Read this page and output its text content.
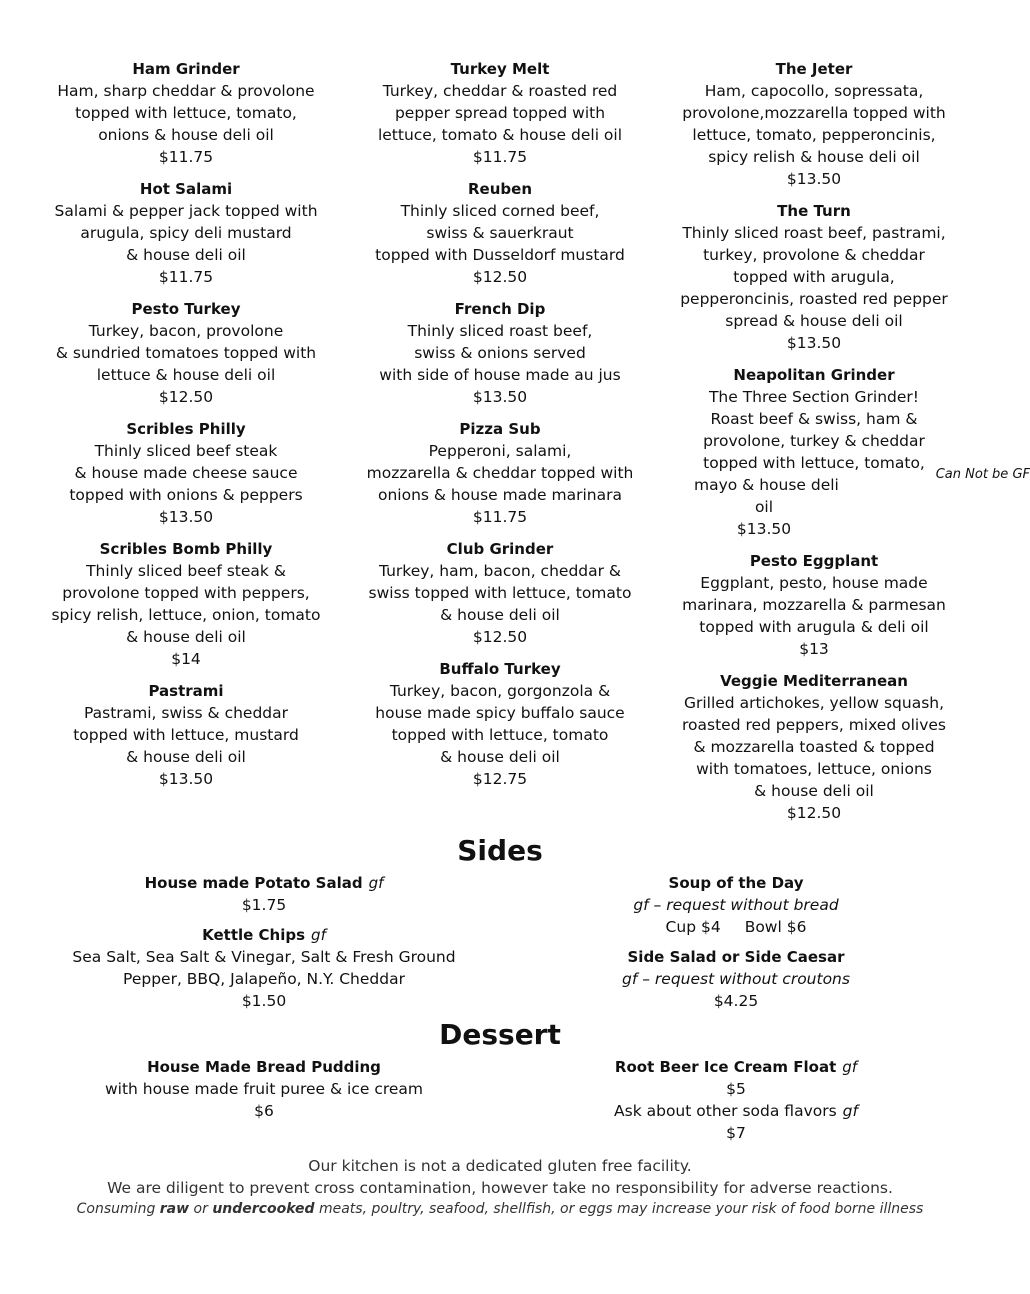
Ham Grinder
Ham, sharp cheddar & provolone
topped with lettuce, tomato,
onions & house deli oil
$11.75
Hot Salami
Salami & pepper jack topped with
arugula, spicy deli mustard
& house deli oil
$11.75
Pesto Turkey
Turkey, bacon, provolone
& sundried tomatoes topped with
lettuce & house deli oil
$12.50
Scribles Philly
Thinly sliced beef steak
& house made cheese sauce
topped with onions & peppers
$13.50
Scribles Bomb Philly
Thinly sliced beef steak &
provolone topped with peppers,
spicy relish, lettuce, onion, tomato
& house deli oil
$14
Pastrami
Pastrami, swiss & cheddar
topped with lettuce, mustard
& house deli oil
$13.50
Turkey Melt
Turkey, cheddar & roasted red
pepper spread topped with
lettuce, tomato & house deli oil
$11.75
Reuben
Thinly sliced corned beef,
swiss & sauerkraut
topped with Dusseldorf mustard
$12.50
French Dip
Thinly sliced roast beef,
swiss & onions served
with side of house made au jus
$13.50
Pizza Sub
Pepperoni, salami,
mozzarella & cheddar topped with
onions & house made marinara
$11.75
Club Grinder
Turkey, ham, bacon, cheddar &
swiss topped with lettuce, tomato
& house deli oil
$12.50
Buffalo Turkey
Turkey, bacon, gorgonzola &
house made spicy buffalo sauce
topped with lettuce, tomato
& house deli oil
$12.75
The Jeter
Ham, capocollo, sopressata,
provolone,mozzarella topped with
lettuce, tomato, pepperoncinis,
spicy relish & house deli oil
$13.50
The Turn
Thinly sliced roast beef, pastrami,
turkey, provolone & cheddar
topped with arugula,
pepperoncinis, roasted red pepper
spread & house deli oil
$13.50
Neapolitan Grinder
The Three Section Grinder!
Roast beef & swiss, ham &
provolone, turkey & cheddar
topped with lettuce, tomato,
mayo & house deli
oil
$13.50
Can Not be GF
Pesto Eggplant
Eggplant, pesto, house made
marinara, mozzarella & parmesan
topped with arugula & deli oil
$13
Veggie Mediterranean
Grilled artichokes, yellow squash,
roasted red peppers, mixed olives
& mozzarella toasted & topped
with tomatoes, lettuce, onions
& house deli oil
$12.50
Sides
House made Potato Salad gf
$1.75
Kettle Chips gf
Sea Salt, Sea Salt & Vinegar, Salt & Fresh Ground
Pepper, BBQ, Jalapeño, N.Y. Cheddar
$1.50
Soup of the Day
gf – request without bread
Cup $4 Bowl $6
Side Salad or Side Caesar
gf – request without croutons
$4.25
Dessert
House Made Bread Pudding
with house made fruit puree & ice cream
$6
Root Beer Ice Cream Float gf
$5
Ask about other soda flavors gf
$7
Our kitchen is not a dedicated gluten free facility.
We are diligent to prevent cross contamination, however take no responsibility for adverse reactions.
Consuming raw or undercooked meats, poultry, seafood, shellfish, or eggs may increase your risk of food borne illness
